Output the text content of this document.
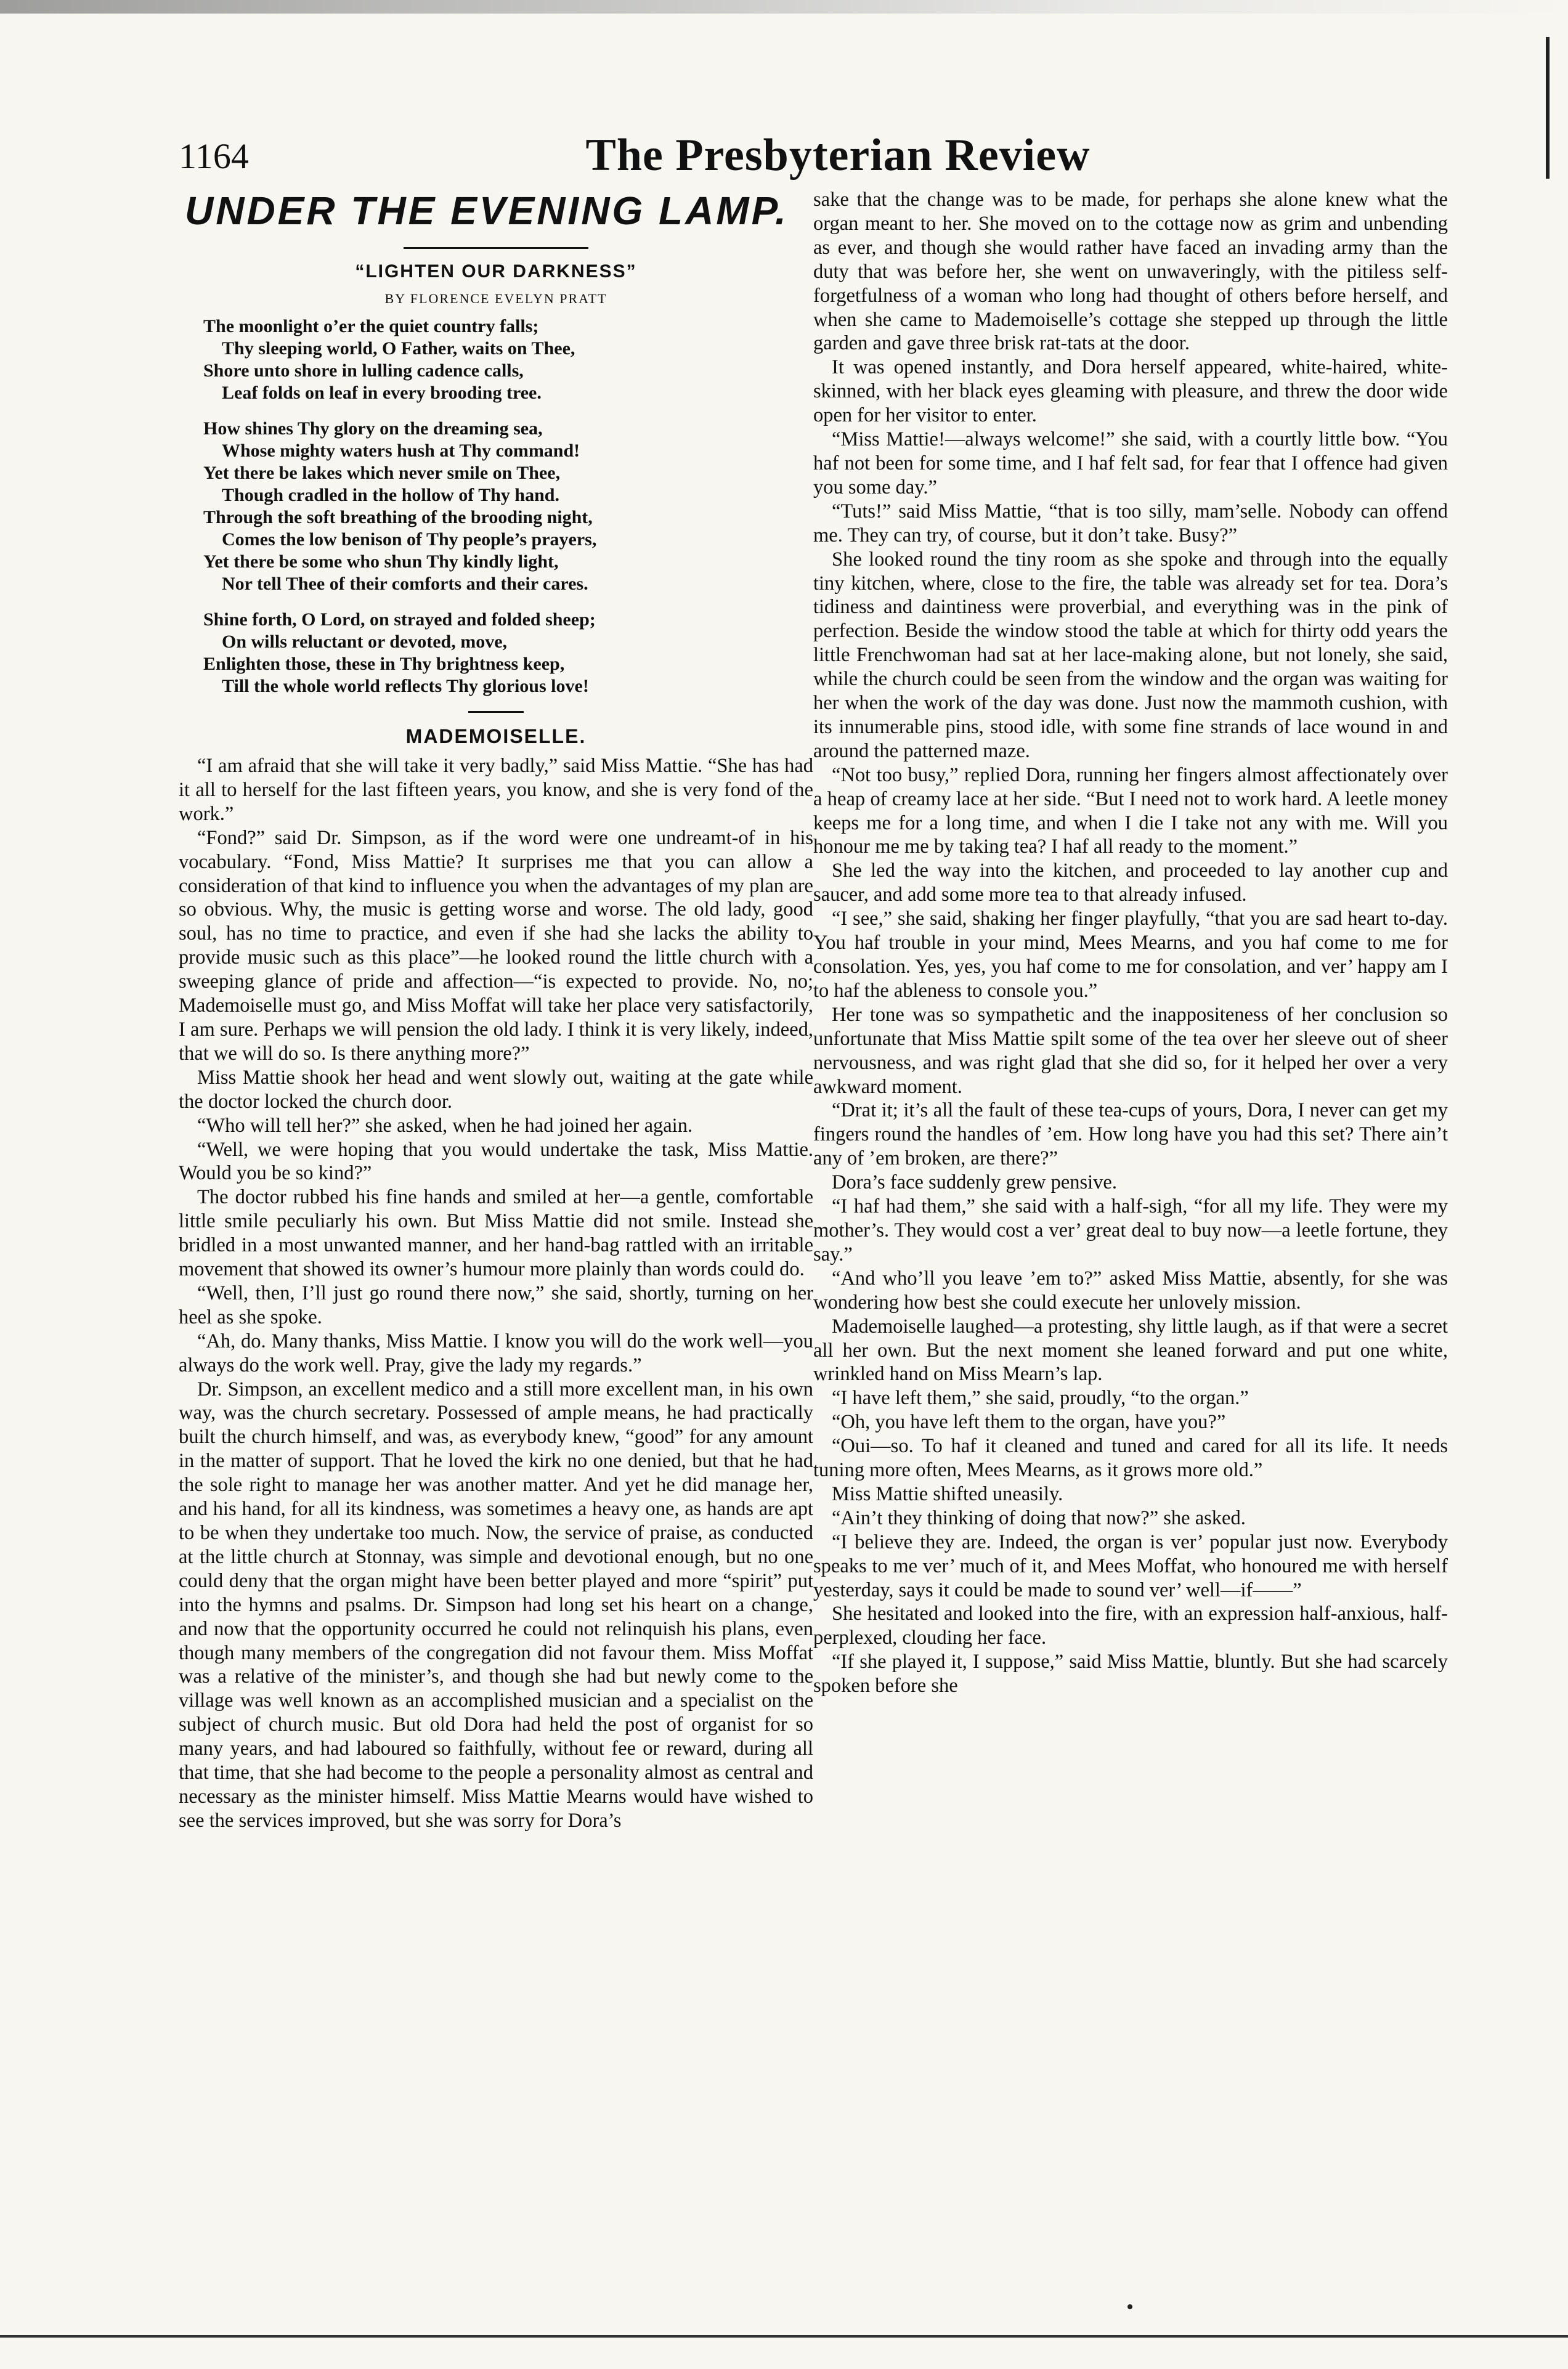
1164	The Presbyterian Review
UNDER THE EVENING LAMP.
“LIGHTEN OUR DARKNESS”
BY FLORENCE EVELYN PRATT
The moonlight o’er the quiet country falls;
Thy sleeping world, O Father, waits on Thee,
Shore unto shore in lulling cadence calls,
Leaf folds on leaf in every brooding tree.
How shines Thy glory on the dreaming sea,
Whose mighty waters hush at Thy command!
Yet there be lakes which never smile on Thee,
Though cradled in the hollow of Thy hand.
Through the soft breathing of the brooding night,
Comes the low benison of Thy people’s prayers,
Yet there be some who shun Thy kindly light,
Nor tell Thee of their comforts and their cares.
Shine forth, O Lord, on strayed and folded sheep;
On wills reluctant or devoted, move,
Enlighten those, these in Thy brightness keep,
Till the whole world reflects Thy glorious love!
MADEMOISELLE.

“I am afraid that she will take it very badly,” said Miss Mattie. “She has had it all to herself for the last fifteen years, you know, and she is very fond of the work.”

“Fond?” said Dr. Simpson, as if the word were one undreamt-of in his vocabulary. “Fond, Miss Mattie? It surprises me that you can allow a consideration of that kind to influence you when the advantages of my plan are so obvious. Why, the music is getting worse and worse. The old lady, good soul, has no time to practice, and even if she had she lacks the ability to provide music such as this place”—he looked round the little church with a sweeping glance of pride and affection—“is expected to provide. No, no; Mademoiselle must go, and Miss Moffat will take her place very satisfactorily, I am sure. Perhaps we will pension the old lady. I think it is very likely, indeed, that we will do so. Is there anything more?”

Miss Mattie shook her head and went slowly out, waiting at the gate while the doctor locked the church door.

“Who will tell her?” she asked, when he had joined her again.

“Well, we were hoping that you would undertake the task, Miss Mattie. Would you be so kind?”

The doctor rubbed his fine hands and smiled at her—a gentle, comfortable little smile peculiarly his own. But Miss Mattie did not smile. Instead she bridled in a most unwanted manner, and her hand-bag rattled with an irritable movement that showed its owner’s humour more plainly than words could do.

“Well, then, I’ll just go round there now,” she said, shortly, turning on her heel as she spoke.

“Ah, do. Many thanks, Miss Mattie. I know you will do the work well—you always do the work well. Pray, give the lady my regards.”

Dr. Simpson, an excellent medico and a still more excellent man, in his own way, was the church secretary. Possessed of ample means, he had practically built the church himself, and was, as everybody knew, “good” for any amount in the matter of support. That he loved the kirk no one denied, but that he had the sole right to manage her was another matter. And yet he did manage her, and his hand, for all its kindness, was sometimes a heavy one, as hands are apt to be when they undertake too much. Now, the service of praise, as conducted at the little church at Stonnay, was simple and devotional enough, but no one could deny that the organ might have been better played and more “spirit” put into the hymns and psalms. Dr. Simpson had long set his heart on a change, and now that the opportunity occurred he could not relinquish his plans, even though many members of the congregation did not favour them. Miss Moffat was a relative of the minister’s, and though she had but newly come to the village was well known as an accomplished musician and a specialist on the subject of church music. But old Dora had held the post of organist for so many years, and had laboured so faithfully, without fee or reward, during all that time, that she had become to the people a personality almost as central and necessary as the minister himself. Miss Mattie Mearns would have wished to see the services improved, but she was sorry for Dora’s

sake that the change was to be made, for perhaps she alone knew what the organ meant to her. She moved on to the cottage now as grim and unbending as ever, and though she would rather have faced an invading army than the duty that was before her, she went on unwaveringly, with the pitiless self-forgetfulness of a woman who long had thought of others before herself, and when she came to Mademoiselle’s cottage she stepped up through the little garden and gave three brisk rat-tats at the door.

It was opened instantly, and Dora herself appeared, white-haired, white-skinned, with her black eyes gleaming with pleasure, and threw the door wide open for her visitor to enter.

“Miss Mattie!—always welcome!” she said, with a courtly little bow. “You haf not been for some time, and I haf felt sad, for fear that I offence had given you some day.”

“Tuts!” said Miss Mattie, “that is too silly, mam’selle. Nobody can offend me. They can try, of course, but it don’t take. Busy?”

She looked round the tiny room as she spoke and through into the equally tiny kitchen, where, close to the fire, the table was already set for tea. Dora’s tidiness and daintiness were proverbial, and everything was in the pink of perfection. Beside the window stood the table at which for thirty odd years the little Frenchwoman had sat at her lace-making alone, but not lonely, she said, while the church could be seen from the window and the organ was waiting for her when the work of the day was done. Just now the mammoth cushion, with its innumerable pins, stood idle, with some fine strands of lace wound in and around the patterned maze.

“Not too busy,” replied Dora, running her fingers almost affectionately over a heap of creamy lace at her side. “But I need not to work hard. A leetle money keeps me for a long time, and when I die I take not any with me. Will you honour me me by taking tea? I haf all ready to the moment.”

She led the way into the kitchen, and proceeded to lay another cup and saucer, and add some more tea to that already infused.

“I see,” she said, shaking her finger playfully, “that you are sad heart to-day. You haf trouble in your mind, Mees Mearns, and you haf come to me for consolation. Yes, yes, you haf come to me for consolation, and ver’ happy am I to haf the ableness to console you.”

Her tone was so sympathetic and the inappositeness of her conclusion so unfortunate that Miss Mattie spilt some of the tea over her sleeve out of sheer nervousness, and was right glad that she did so, for it helped her over a very awkward moment.

“Drat it; it’s all the fault of these tea-cups of yours, Dora, I never can get my fingers round the handles of ’em. How long have you had this set? There ain’t any of ’em broken, are there?”

Dora’s face suddenly grew pensive.

“I haf had them,” she said with a half-sigh, “for all my life. They were my mother’s. They would cost a ver’ great deal to buy now—a leetle fortune, they say.”

“And who’ll you leave ’em to?” asked Miss Mattie, absently, for she was wondering how best she could execute her unlovely mission.

Mademoiselle laughed—a protesting, shy little laugh, as if that were a secret all her own. But the next moment she leaned forward and put one white, wrinkled hand on Miss Mearn’s lap.

“I have left them,” she said, proudly, “to the organ.”

“Oh, you have left them to the organ, have you?”

“Oui—so. To haf it cleaned and tuned and cared for all its life. It needs tuning more often, Mees Mearns, as it grows more old.”

Miss Mattie shifted uneasily.

“Ain’t they thinking of doing that now?” she asked.

“I believe they are. Indeed, the organ is ver’ popular just now. Everybody speaks to me ver’ much of it, and Mees Moffat, who honoured me with herself yesterday, says it could be made to sound ver’ well—if——”

She hesitated and looked into the fire, with an expression half-anxious, half-perplexed, clouding her face.

“If she played it, I suppose,” said Miss Mattie, bluntly. But she had scarcely spoken before she
